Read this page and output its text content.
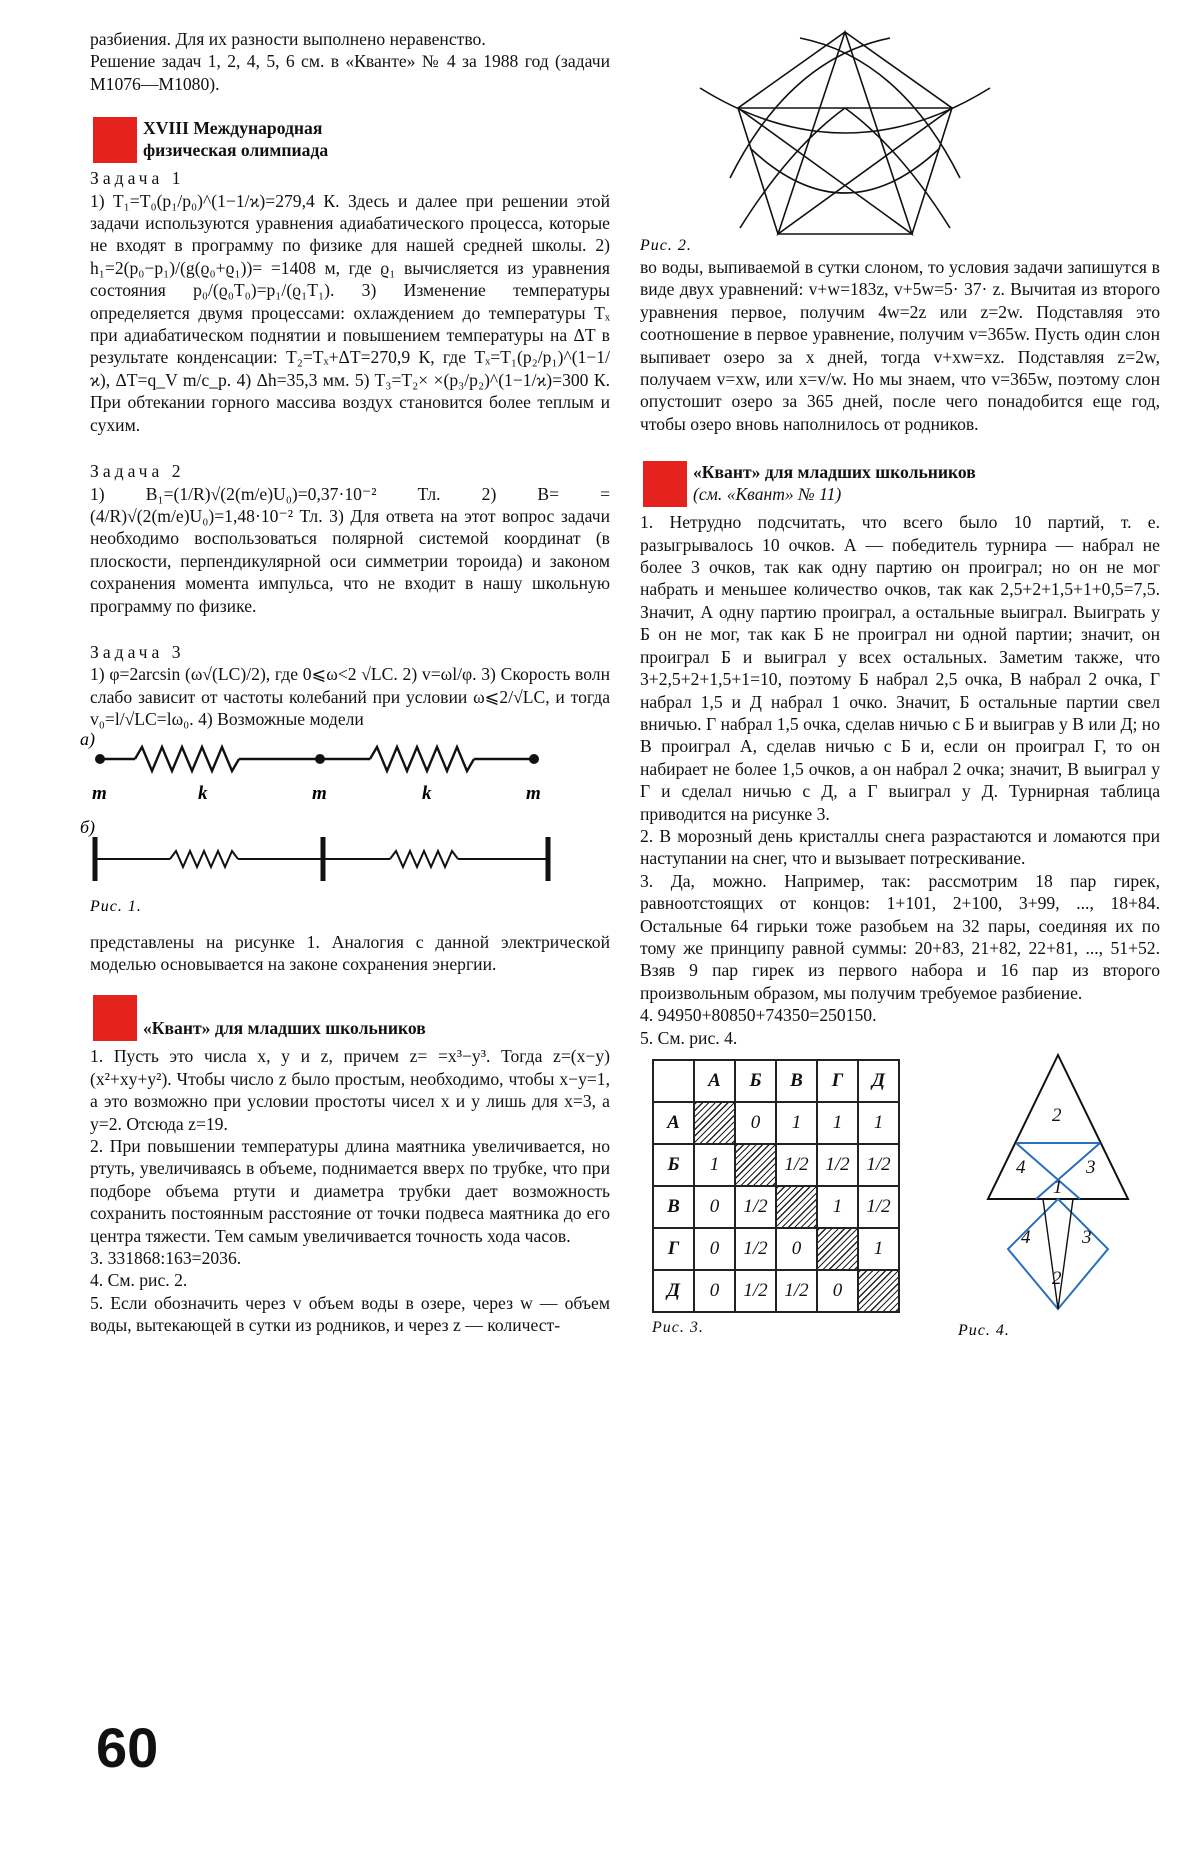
разбиения. Для их разности выполнено неравенство.

Решение задач 1, 2, 4, 5, 6 см. в «Кванте» № 4 за 1988 год (задачи М1076—М1080).

XVIII Международная
физическая олимпиада

Задача 1

1) T₁=T₀(p₁/p₀)^(1−1/ϰ)=279,4 К. Здесь и далее при решении этой задачи используются уравнения адиабатического процесса, которые не входят в программу по физике для нашей средней школы. 2) h₁=2(p₀−p₁)/(g(ϱ₀+ϱ₁))= =1408 м, где ϱ₁ вычисляется из уравнения состояния p₀/(ϱ₀T₀)=p₁/(ϱ₁T₁). 3) Изменение температуры определяется двумя процессами: охлаждением до температуры Tₓ при адиабатическом поднятии и повышением температуры на ΔT в результате конденсации: T₂=Tₓ+ΔT=270,9 К, где Tₓ=T₁(p₂/p₁)^(1−1/ϰ), ΔT=q_V m/c_p. 4) Δh=35,3 мм. 5) T₃=T₂× ×(p₃/p₂)^(1−1/ϰ)=300 К. При обтекании горного массива воздух становится более теплым и сухим.

Задача 2

1) B₁=(1/R)√(2(m/e)U₀)=0,37·10⁻² Тл. 2) B= =(4/R)√(2(m/e)U₀)=1,48·10⁻² Тл. 3) Для ответа на этот вопрос задачи необходимо воспользоваться полярной системой координат (в плоскости, перпендикулярной оси симметрии тороида) и законом сохранения момента импульса, что не входит в нашу школьную программу по физике.

Задача 3

1) φ=2arcsin (ω√(LC)/2), где 0⩽ω<2 √LC. 2) v=ωl/φ. 3) Скорость волн слабо зависит от частоты колебаний при условии ω⩽2/√LC, и тогда v₀=l/√LC=lω₀. 4) Возможные модели

а)
m	k	m	k	m
б)
Рис. 1.

представлены на рисунке 1. Аналогия с данной электрической моделью основывается на законе сохранения энергии.

«Квант» для младших школьников

1. Пусть это числа x, y и z, причем z= =x³−y³. Тогда z=(x−y)(x²+xy+y²). Чтобы число z было простым, необходимо, чтобы x−y=1, а это возможно при условии простоты чисел x и y лишь для x=3, а y=2. Отсюда z=19.

2. При повышении температуры длина маятника увеличивается, но ртуть, увеличиваясь в объеме, поднимается вверх по трубке, что при подборе объема ртути и диаметра трубки дает возможность сохранить постоянным расстояние от точки подвеса маятника до его центра тяжести. Тем самым увеличивается точность хода часов.

3. 331868:163=2036.

4. См. рис. 2.

5. Если обозначить через v объем воды в озере, через w — объем воды, вытекающей в сутки из родников, и через z — количест-

Рис. 2.

во воды, выпиваемой в сутки слоном, то условия задачи запишутся в виде двух уравнений: v+w=183z, v+5w=5· 37· z. Вычитая из второго уравнения первое, получим 4w=2z или z=2w. Подставляя это соотношение в первое уравнение, получим v=365w. Пусть один слон выпивает озеро за x дней, тогда v+xw=xz. Подставляя z=2w, получаем v=xw, или x=v/w. Но мы знаем, что v=365w, поэтому слон опустошит озеро за 365 дней, после чего понадобится еще год, чтобы озеро вновь наполнилось от родников.

«Квант» для младших школьников
(см. «Квант» № 11)

1. Нетрудно подсчитать, что всего было 10 партий, т. е. разыгрывалось 10 очков. А — победитель турнира — набрал не более 3 очков, так как одну партию он проиграл; но он не мог набрать и меньшее количество очков, так как 2,5+2+1,5+1+0,5=7,5. Значит, А одну партию проиграл, а остальные выиграл. Выиграть у Б он не мог, так как Б не проиграл ни одной партии; значит, он проиграл Б и выиграл у всех остальных. Заметим также, что 3+2,5+2+1,5+1=10, поэтому Б набрал 2,5 очка, В набрал 2 очка, Г набрал 1,5 и Д набрал 1 очко. Значит, Б остальные партии свел вничью. Г набрал 1,5 очка, сделав ничью с Б и выиграв у В или Д; но В проиграл А, сделав ничью с Б и, если он проиграл Г, то он набирает не более 1,5 очков, а он набрал 2 очка; значит, В выиграл у Г и сделал ничью с Д, а Г выиграл у Д. Турнирная таблица приводится на рисунке 3.

2. В морозный день кристаллы снега разрастаются и ломаются при наступании на снег, что и вызывает потрескивание.

3. Да, можно. Например, так: рассмотрим 18 пар гирек, равноотстоящих от концов: 1+101, 2+100, 3+99, ..., 18+84. Остальные 64 гирьки тоже разобьем на 32 пары, соединяя их по тому же принципу равной суммы: 20+83, 21+82, 22+81, ..., 51+52. Взяв 9 пар гирек из первого набора и 16 пар из второго произвольным образом, мы получим требуемое разбиение.

4. 94950+80850+74350=250150.

5. См. рис. 4.

	А	Б	В	Г	Д
А		0	1	1	1
Б	1		1/2	1/2	1/2
В	0	1/2		1	1/2
Г	0	1/2	0		1
Д	0	1/2	1/2	0	
Рис. 3.
2
4	3
1
4	3
2
Рис. 4.
60
